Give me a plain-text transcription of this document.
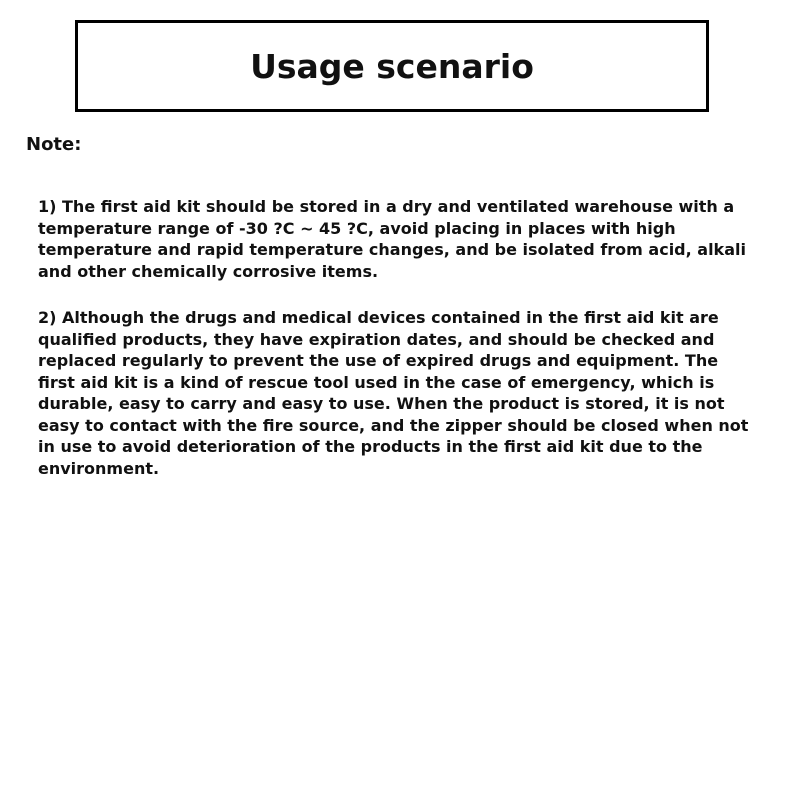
Usage scenario
Note:

1) The first aid kit should be stored in a dry and ventilated warehouse with a temperature range of -30 ?C ~ 45 ?C, avoid placing in places with high temperature and rapid temperature changes, and be isolated from acid, alkali and other chemically corrosive items.

2) Although the drugs and medical devices contained in the first aid kit are qualified products, they have expiration dates, and should be checked and replaced regularly to prevent the use of expired drugs and equipment. The first aid kit is a kind of rescue tool used in the case of emergency, which is durable, easy to carry and easy to use. When the product is stored, it is not easy to contact with the fire source, and the zipper should be closed when not in use to avoid deterioration of the products in the first aid kit due to the environment.
